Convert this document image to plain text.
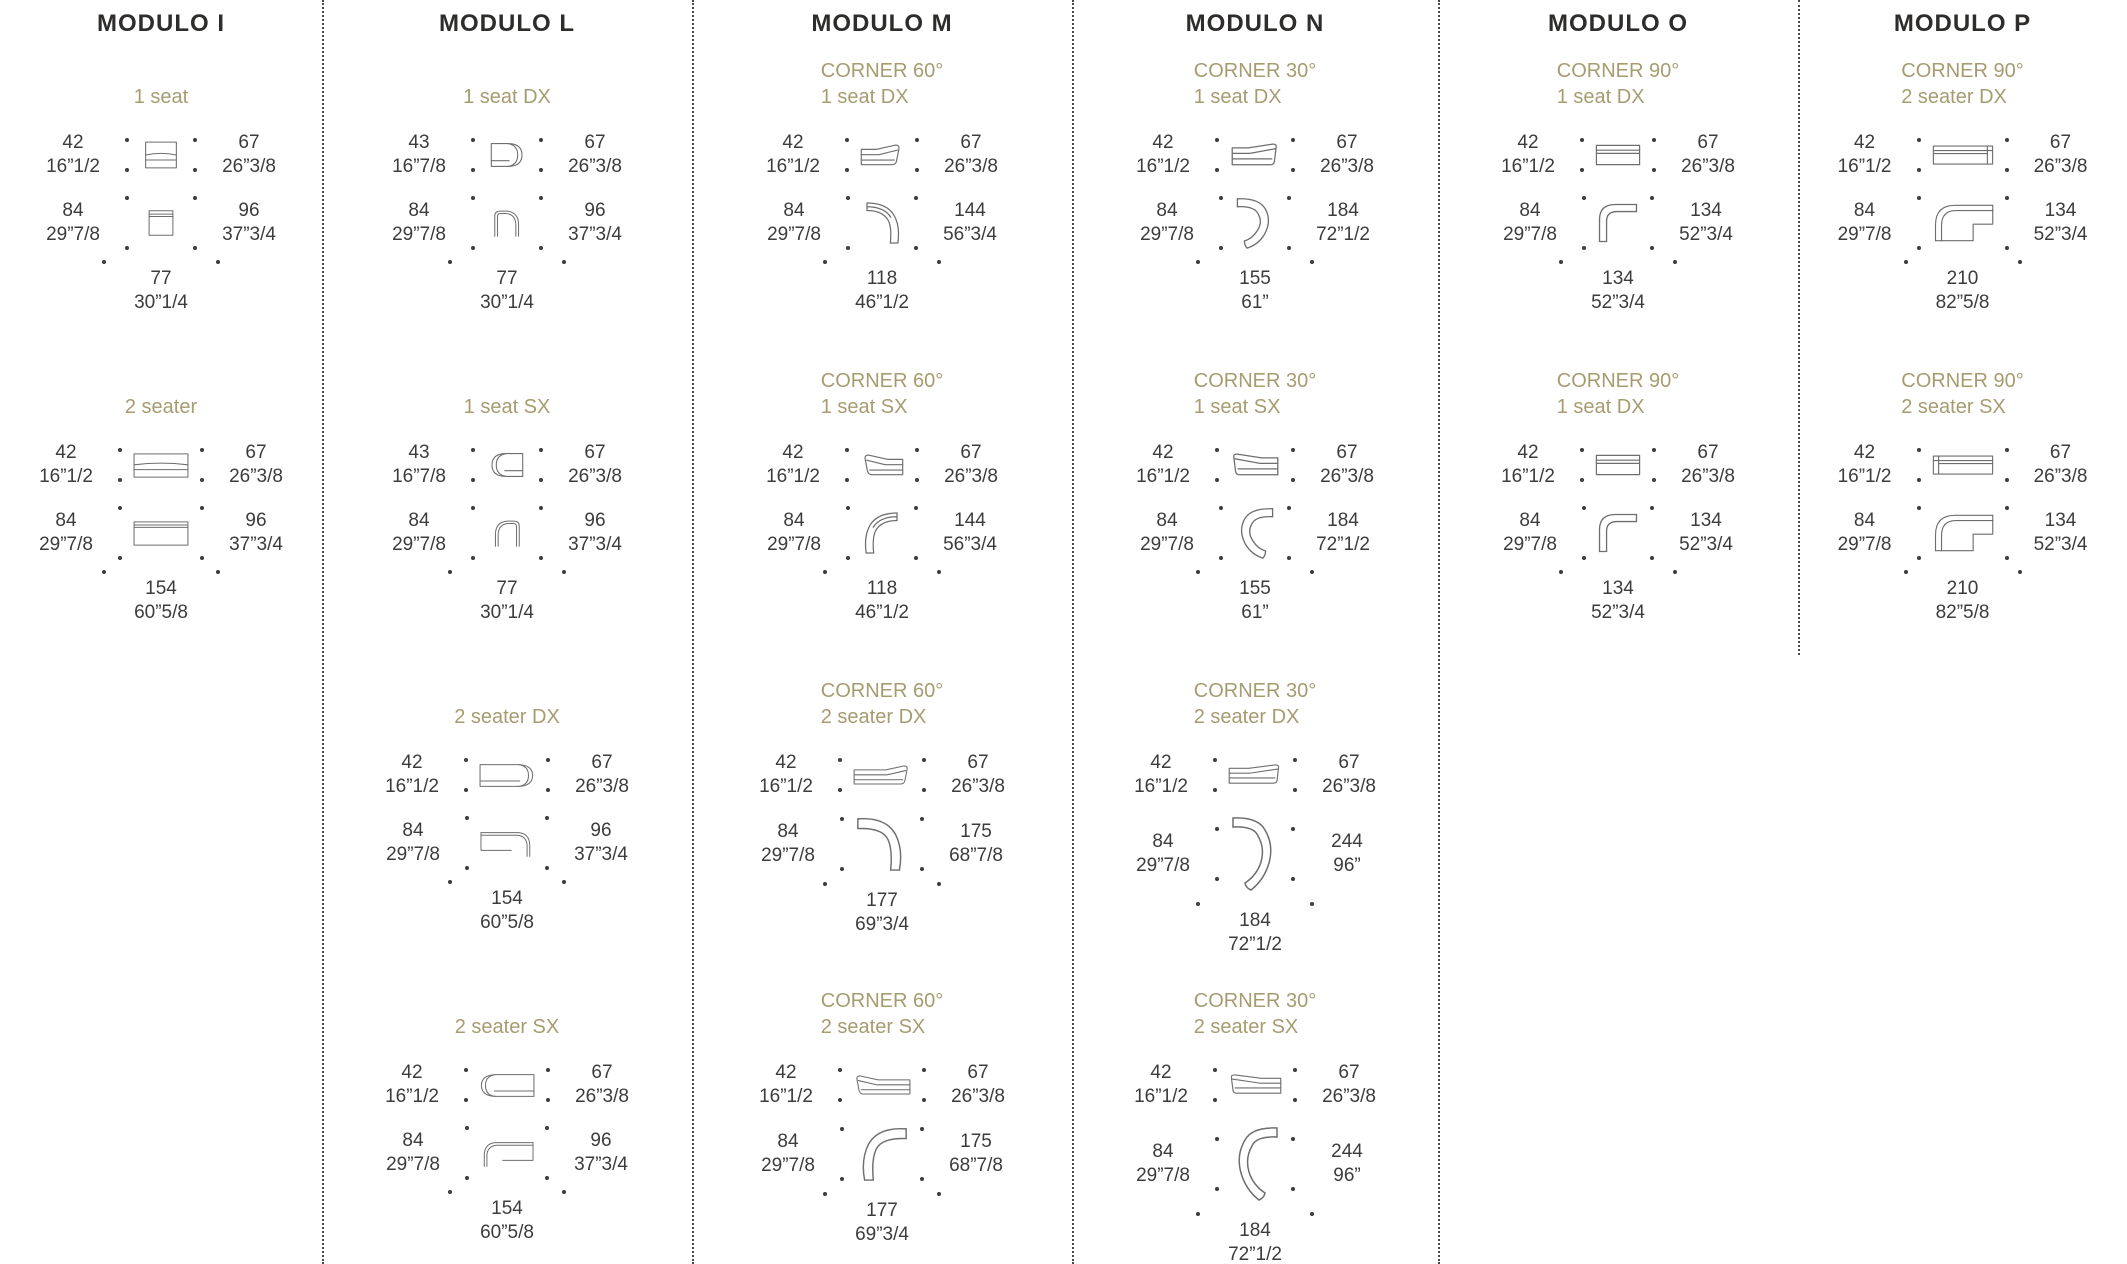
MODULO I
1 seat
42
16”1/2
67
26”3/8
84
29”7/8
96
37”3/4
77
30”1/4
2 seater
42
16”1/2
67
26”3/8
84
29”7/8
96
37”3/4
154
60”5/8
MODULO L
1 seat DX
43
16”7/8
67
26”3/8
84
29”7/8
96
37”3/4
77
30”1/4
1 seat SX
43
16”7/8
67
26”3/8
84
29”7/8
96
37”3/4
77
30”1/4
2 seater DX
42
16”1/2
67
26”3/8
84
29”7/8
96
37”3/4
154
60”5/8
2 seater SX
42
16”1/2
67
26”3/8
84
29”7/8
96
37”3/4
154
60”5/8
MODULO M
CORNER 60°
1 seat DX
42
16”1/2
67
26”3/8
84
29”7/8
144
56”3/4
118
46”1/2
CORNER 60°
1 seat SX
42
16”1/2
67
26”3/8
84
29”7/8
144
56”3/4
118
46”1/2
CORNER 60°
2 seater DX
42
16”1/2
67
26”3/8
84
29”7/8
175
68”7/8
177
69”3/4
CORNER 60°
2 seater SX
42
16”1/2
67
26”3/8
84
29”7/8
175
68”7/8
177
69”3/4
MODULO N
CORNER 30°
1 seat DX
42
16”1/2
67
26”3/8
84
29”7/8
184
72”1/2
155
61”
CORNER 30°
1 seat SX
42
16”1/2
67
26”3/8
84
29”7/8
184
72”1/2
155
61”
CORNER 30°
2 seater DX
42
16”1/2
67
26”3/8
84
29”7/8
244
96”
184
72”1/2
CORNER 30°
2 seater SX
42
16”1/2
67
26”3/8
84
29”7/8
244
96”
184
72”1/2
MODULO O
CORNER 90°
1 seat DX
42
16”1/2
67
26”3/8
84
29”7/8
134
52”3/4
134
52”3/4
CORNER 90°
1 seat DX
42
16”1/2
67
26”3/8
84
29”7/8
134
52”3/4
134
52”3/4
MODULO P
CORNER 90°
2 seater DX
42
16”1/2
67
26”3/8
84
29”7/8
134
52”3/4
210
82”5/8
CORNER 90°
2 seater SX
42
16”1/2
67
26”3/8
84
29”7/8
134
52”3/4
210
82”5/8
